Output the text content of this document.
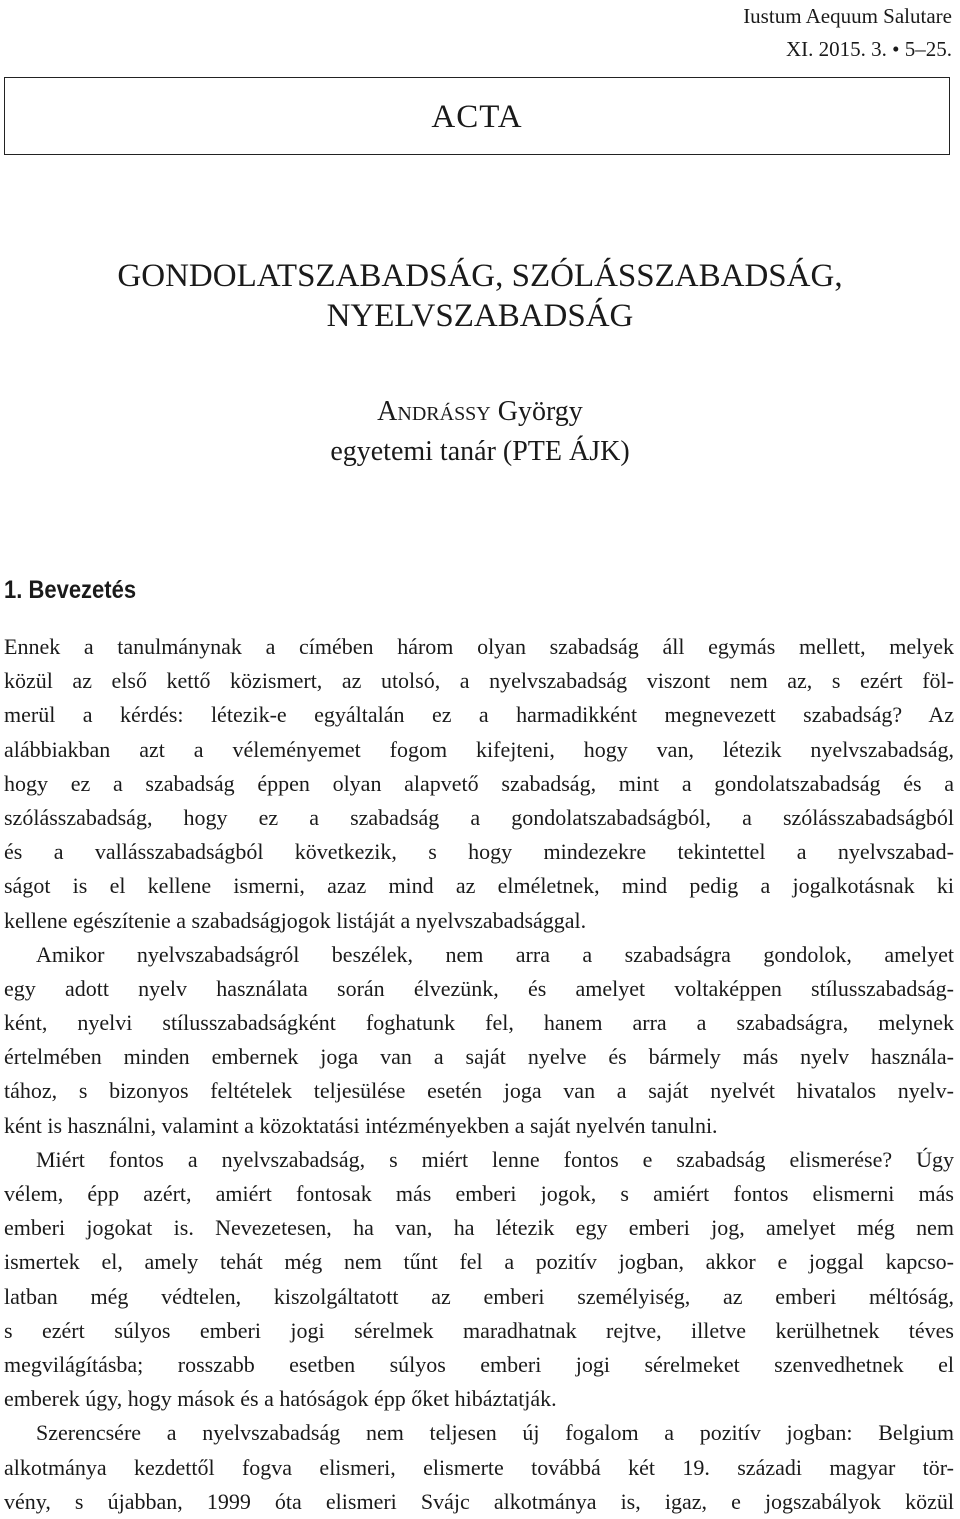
Iustum Aequum Salutare
XI. 2015. 3. • 5–25.
ACTA
GONDOLATSZABADSÁG, SZÓLÁSSZABADSÁG,
NYELVSZABADSÁG
Andrássy György
egyetemi tanár (PTE ÁJK)
1. Bevezetés
Ennek a tanulmánynak a címében három olyan szabadság áll egymás mellett, melyek
közül az első kettő közismert, az utolsó, a nyelvszabadság viszont nem az, s ezért föl-
merül a kérdés: létezik-e egyáltalán ez a harmadikként megnevezett szabadság? Az
alábbiakban azt a véleményemet fogom kifejteni, hogy van, létezik nyelvszabadság,
hogy ez a szabadság éppen olyan alapvető szabadság, mint a gondolatszabadság és a
szólásszabadság, hogy ez a szabadság a gondolatszabadságból, a szólásszabadságból
és a vallásszabadságból következik, s hogy mindezekre tekintettel a nyelvszabad-
ságot is el kellene ismerni, azaz mind az elméletnek, mind pedig a jogalkotásnak ki
kellene egészítenie a szabadságjogok listáját a nyelvszabadsággal.
Amikor nyelvszabadságról beszélek, nem arra a szabadságra gondolok, amelyet
egy adott nyelv használata során élvezünk, és amelyet voltaképpen stílusszabadság-
ként, nyelvi stílusszabadságként foghatunk fel, hanem arra a szabadságra, melynek
értelmében minden embernek joga van a saját nyelve és bármely más nyelv használa-
tához, s bizonyos feltételek teljesülése esetén joga van a saját nyelvét hivatalos nyelv-
ként is használni, valamint a közoktatási intézményekben a saját nyelvén tanulni.
Miért fontos a nyelvszabadság, s miért lenne fontos e szabadság elismerése? Úgy
vélem, épp azért, amiért fontosak más emberi jogok, s amiért fontos elismerni más
emberi jogokat is. Nevezetesen, ha van, ha létezik egy emberi jog, amelyet még nem
ismertek el, amely tehát még nem tűnt fel a pozitív jogban, akkor e joggal kapcso-
latban még védtelen, kiszolgáltatott az emberi személyiség, az emberi méltóság,
s ezért súlyos emberi jogi sérelmek maradhatnak rejtve, illetve kerülhetnek téves
megvilágításba; rosszabb esetben súlyos emberi jogi sérelmeket szenvedhetnek el
emberek úgy, hogy mások és a hatóságok épp őket hibáztatják.
Szerencsére a nyelvszabadság nem teljesen új fogalom a pozitív jogban: Belgium
alkotmánya kezdettől fogva elismeri, elismerte továbbá két 19. századi magyar tör-
vény, s újabban, 1999 óta elismeri Svájc alkotmánya is, igaz, e jogszabályok közül
